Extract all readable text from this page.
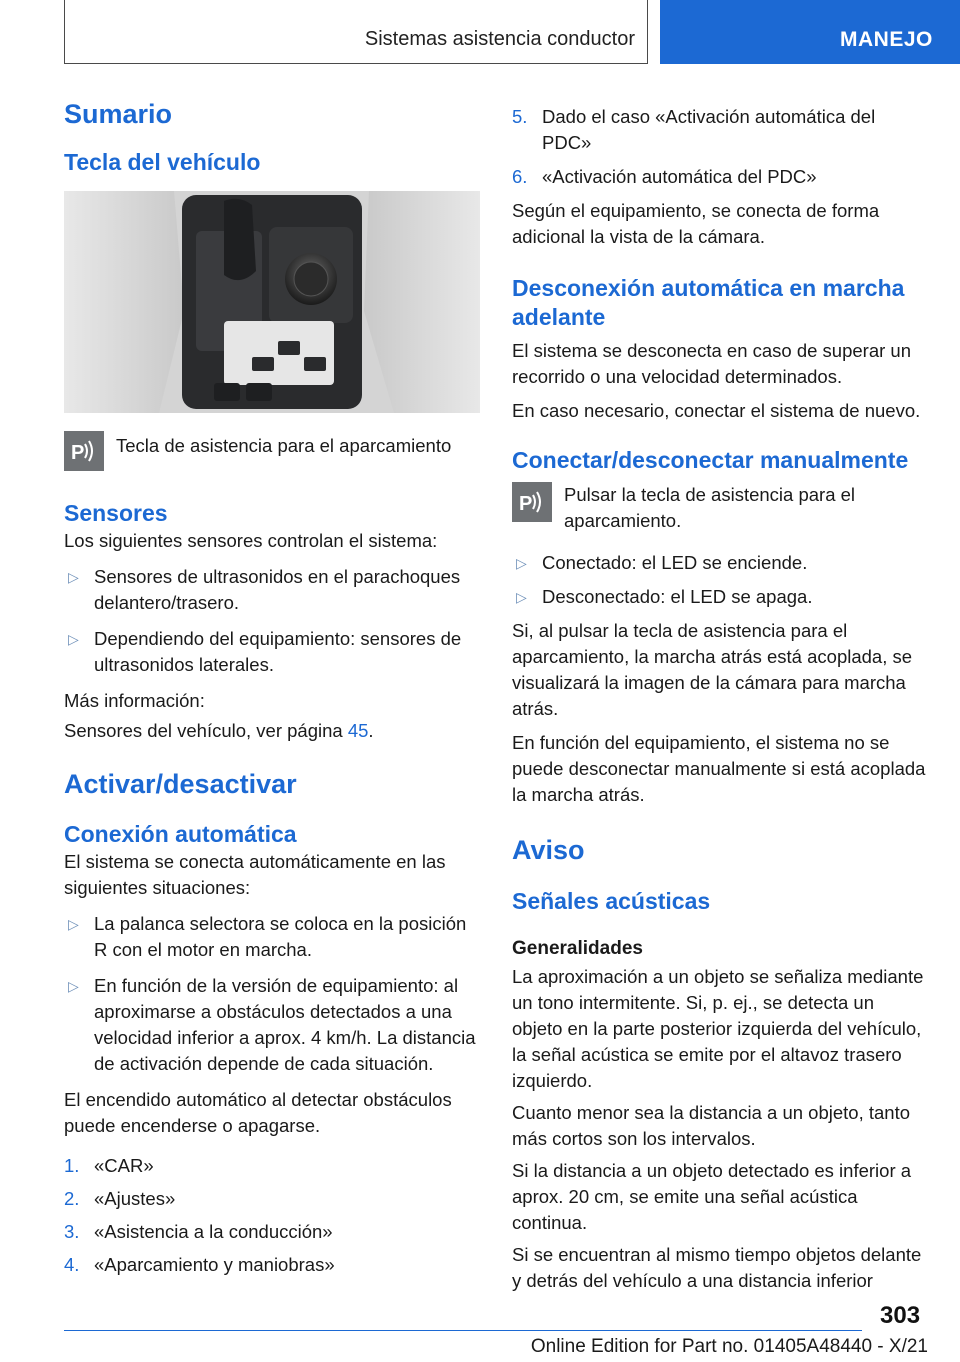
Sistemas asistencia conductor	MANEJO
Sumario
Tecla del vehículo
P Tecla de asistencia para el aparcamiento

Sensores

Los siguientes sensores controlan el sistema:

▷ Sensores de ultrasonidos en el parachoques delantero/trasero.
▷ Dependiendo del equipamiento: sensores de ultrasonidos laterales.

Más información:

Sensores del vehículo, ver página 45.

Activar/desactivar
Conexión automática

El sistema se conecta automáticamente en las siguientes situaciones:

▷ La palanca selectora se coloca en la posición R con el motor en marcha.
▷ En función de la versión de equipamiento: al aproximarse a obstáculos detectados a una velocidad inferior a aprox. 4 km/h. La distancia de activación depende de cada situación.

El encendido automático al detectar obstáculos puede encenderse o apagarse.

1. «CAR»
2. «Ajustes»
3. «Asistencia a la conducción»
4. «Aparcamiento y maniobras»
5. Dado el caso «Activación automática del PDC»
6. «Activación automática del PDC»

Según el equipamiento, se conecta de forma adicional la vista de la cámara.

Desconexión automática en marcha adelante

El sistema se desconecta en caso de superar un recorrido o una velocidad determinados.

En caso necesario, conectar el sistema de nuevo.

Conectar/desconectar manualmente
P Pulsar la tecla de asistencia para el aparcamiento.

▷ Conectado: el LED se enciende.
▷ Desconectado: el LED se apaga.

Si, al pulsar la tecla de asistencia para el aparcamiento, la marcha atrás está acoplada, se visualizará la imagen de la cámara para marcha atrás.

En función del equipamiento, el sistema no se puede desconectar manualmente si está acoplada la marcha atrás.

Aviso
Señales acústicas
Generalidades

La aproximación a un objeto se señaliza mediante un tono intermitente. Si, p. ej., se detecta un objeto en la parte posterior izquierda del vehículo, la señal acústica se emite por el altavoz trasero izquierdo.

Cuanto menor sea la distancia a un objeto, tanto más cortos son los intervalos.

Si la distancia a un objeto detectado es inferior a aprox. 20 cm, se emite una señal acústica continua.

Si se encuentran al mismo tiempo objetos delante y detrás del vehículo a una distancia inferior

303
Online Edition for Part no. 01405A48440 - X/21
